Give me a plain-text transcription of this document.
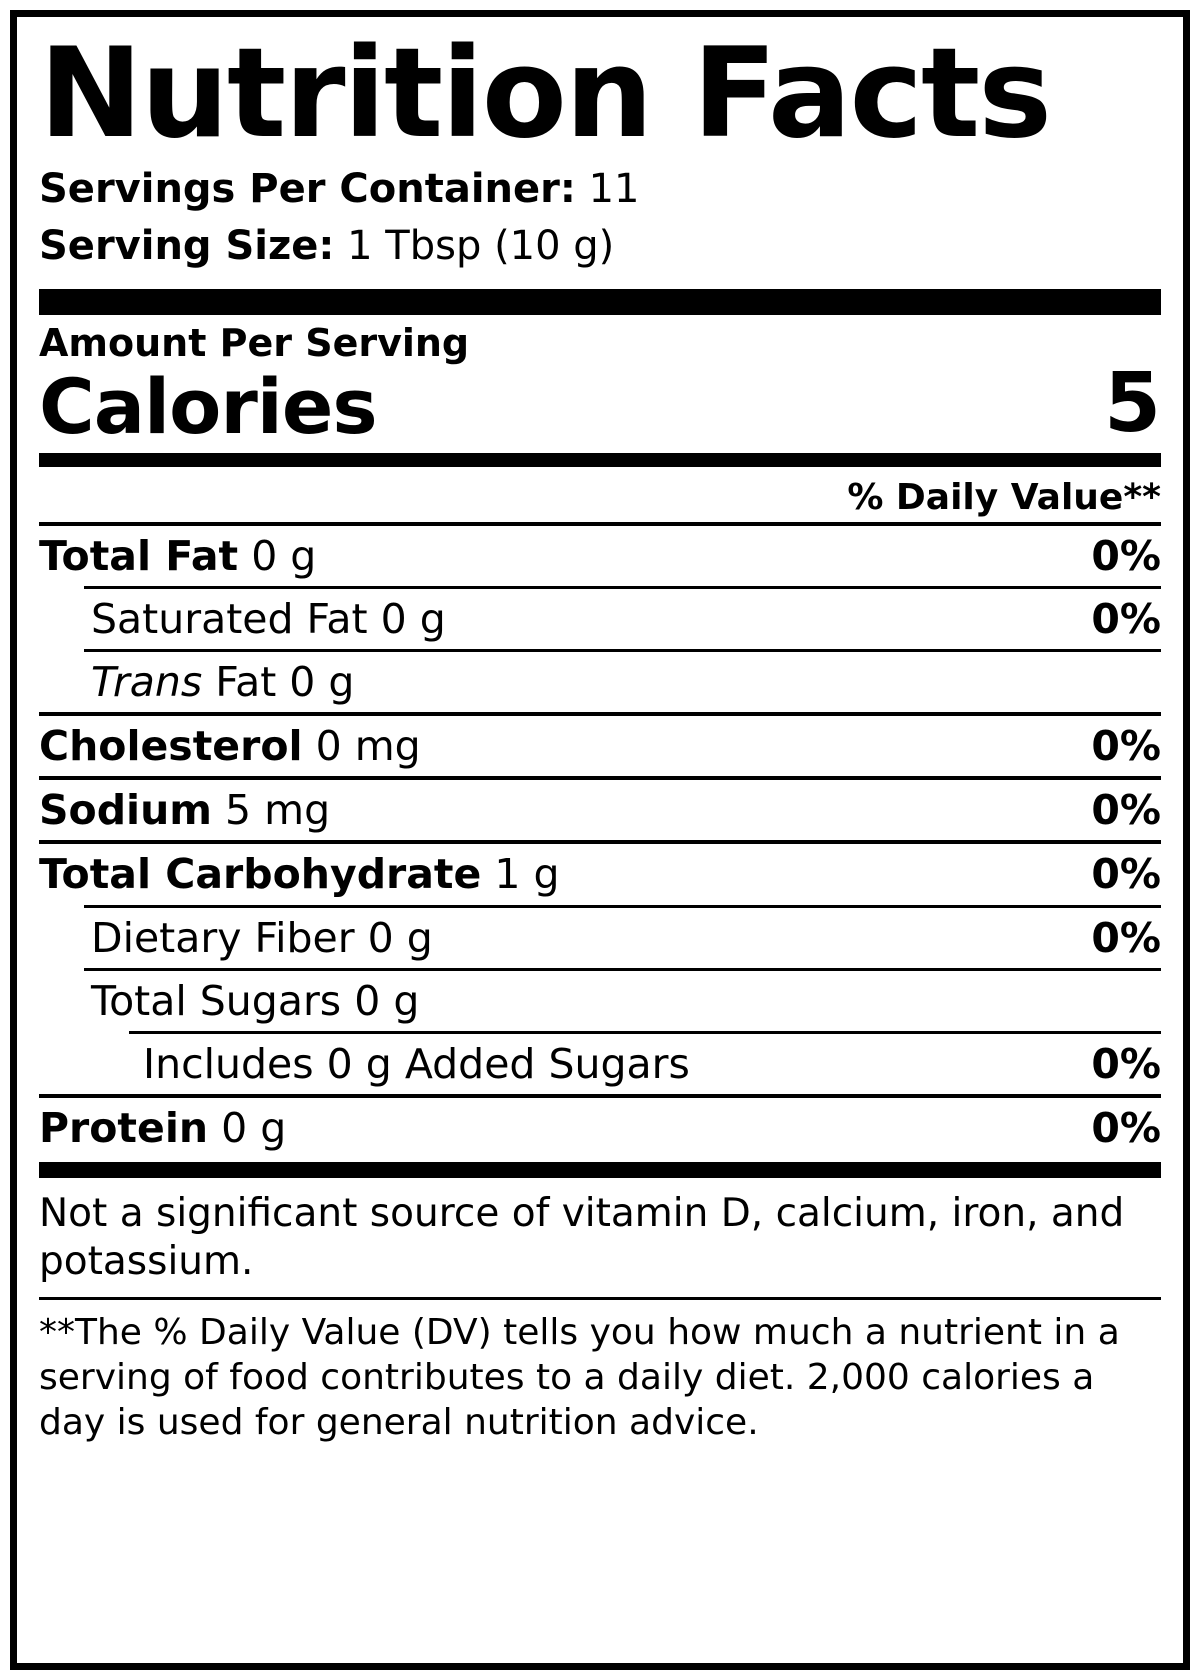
Nutrition Facts
Servings Per Container: 11
Serving Size: 1 Tbsp (10 g)
Amount Per Serving
Calories	5
% Daily Value**
Total Fat 0 g	0%
Saturated Fat 0 g	0%
Trans Fat 0 g
Cholesterol 0 mg	0%
Sodium 5 mg	0%
Total Carbohydrate 1 g	0%
Dietary Fiber 0 g	0%
Total Sugars 0 g
Includes 0 g Added Sugars	0%
Protein 0 g	0%
Not a significant source of vitamin D, calcium, iron, and potassium.
**The % Daily Value (DV) tells you how much a nutrient in a serving of food contributes to a daily diet. 2,000 calories a day is used for general nutrition advice.
